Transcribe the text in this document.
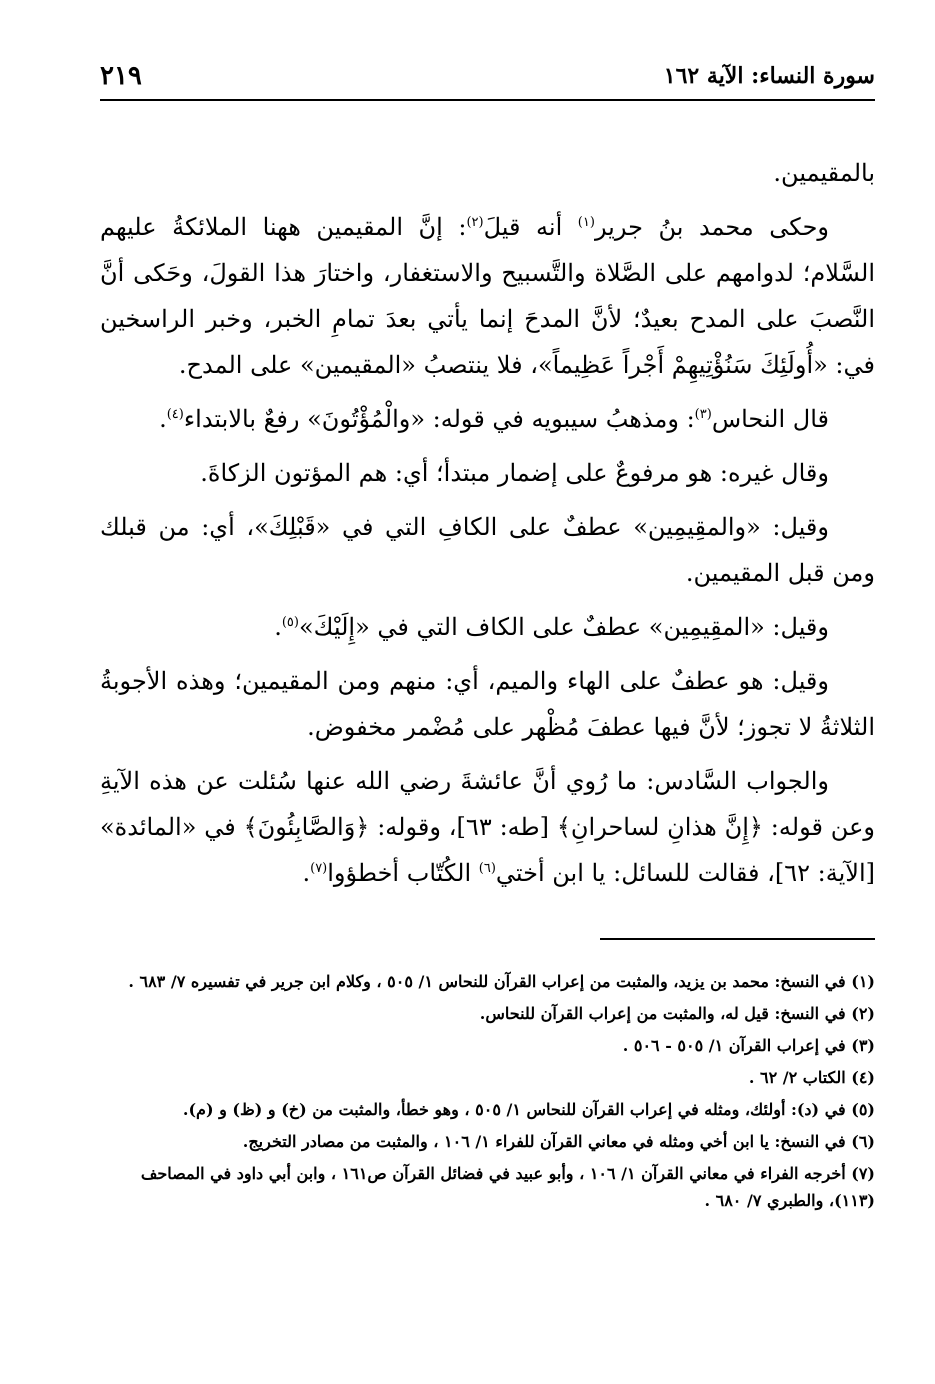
سورة النساء: الآية ١٦٢
٢١٩

بالمقيمين.

وحكى محمد بنُ جرير$^{(١)}$ أنه قيلَ$^{(٢)}$: إنَّ المقيمين ههنا الملائكةُ عليهم السَّلام؛ لدوامهم على الصَّلاة والتَّسبيح والاستغفار، واختارَ هذا القولَ، وحَكى أنَّ النَّصبَ على المدح بعيدٌ؛ لأنَّ المدحَ إنما يأتي بعدَ تمامِ الخبر، وخبر الراسخين في: «أُولَئِكَ سَنُؤْتِيهِمْ أَجْراً عَظِيماً»، فلا ينتصبُ «المقيمين» على المدح.

قال النحاس$^{(٣)}$: ومذهبُ سيبويه في قوله: «والْمُؤْتُونَ» رفعٌ بالابتداء$^{(٤)}$.

وقال غيره: هو مرفوعٌ على إضمار مبتدأ؛ أي: هم المؤتون الزكاةَ.

وقيل: «والمقِيمِين» عطفٌ على الكافِ التي في «قَبْلِكَ»، أي: من قبلك ومن قبل المقيمين.

وقيل: «المقِيمِين» عطفٌ على الكاف التي في «إِلَيْكَ»$^{(٥)}$.

وقيل: هو عطفٌ على الهاء والميم، أي: منهم ومن المقيمين؛ وهذه الأجوبةُ الثلاثةُ لا تجوز؛ لأنَّ فيها عطفَ مُظْهر على مُضْمر مخفوض.

والجواب السَّادس: ما رُوي أنَّ عائشةَ رضي الله عنها سُئلت عن هذه الآيةِ وعن قوله: ﴿إِنَّ هذانِ لساحرانِ﴾ [طه: ٦٣]، وقوله: ﴿وَالصَّابِئُونَ﴾ في «المائدة» [الآية: ٦٢]، فقالت للسائل: يا ابن أختي$^{(٦)}$ الكُتّاب أخطؤوا$^{(٧)}$.

(١) في النسخ: محمد بن يزيد، والمثبت من إعراب القرآن للنحاس ١/ ٥٠٥ ، وكلام ابن جرير في تفسيره ٧/ ٦٨٣ .
(٢) في النسخ: قيل له، والمثبت من إعراب القرآن للنحاس.
(٣) في إعراب القرآن ١/ ٥٠٥ - ٥٠٦ .
(٤) الكتاب ٢/ ٦٢ .
(٥) في (د): أولئك، ومثله في إعراب القرآن للنحاس ١/ ٥٠٥ ، وهو خطأ، والمثبت من (خ) و (ظ) و (م).
(٦) في النسخ: يا ابن أخي ومثله في معاني القرآن للفراء ١/ ١٠٦ ، والمثبت من مصادر التخريج.
(٧) أخرجه الفراء في معاني القرآن ١/ ١٠٦ ، وأبو عبيد في فضائل القرآن ص١٦١ ، وابن أبي داود في المصاحف (١١٣)، والطبري ٧/ ٦٨٠ .
